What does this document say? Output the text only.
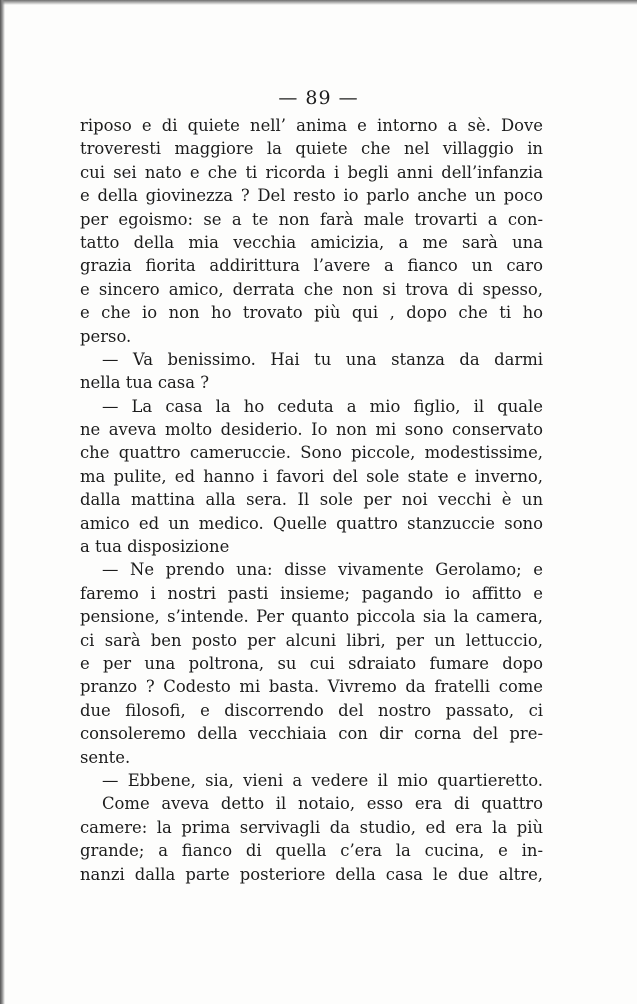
— 89 —
riposo e di quiete nell’ anima e intorno a sè. Dove
troveresti maggiore la quiete che nel villaggio in
cui sei nato e che ti ricorda i begli anni dell’infanzia
e della giovinezza ? Del resto io parlo anche un poco
per egoismo: se a te non farà male trovarti a con-
tatto della mia vecchia amicizia, a me sarà una
grazia fiorita addirittura l’avere a fianco un caro
e sincero amico, derrata che non si trova di spesso,
e che io non ho trovato più qui , dopo che ti ho
perso.
— Va benissimo. Hai tu una stanza da darmi
nella tua casa ?
— La casa la ho ceduta a mio figlio, il quale
ne aveva molto desiderio. Io non mi sono conservato
che quattro cameruccie. Sono piccole, modestissime,
ma pulite, ed hanno i favori del sole state e inverno,
dalla mattina alla sera. Il sole per noi vecchi è un
amico ed un medico. Quelle quattro stanzuccie sono
a tua disposizione
— Ne prendo una: disse vivamente Gerolamo; e
faremo i nostri pasti insieme; pagando io affitto e
pensione, s’intende. Per quanto piccola sia la camera,
ci sarà ben posto per alcuni libri, per un lettuccio,
e per una poltrona, su cui sdraiato fumare dopo
pranzo ? Codesto mi basta. Vivremo da fratelli come
due filosofi, e discorrendo del nostro passato, ci
consoleremo della vecchiaia con dir corna del pre-
sente.
— Ebbene, sia, vieni a vedere il mio quartieretto.
Come aveva detto il notaio, esso era di quattro
camere: la prima servivagli da studio, ed era la più
grande; a fianco di quella c’era la cucina, e in-
nanzi dalla parte posteriore della casa le due altre,
